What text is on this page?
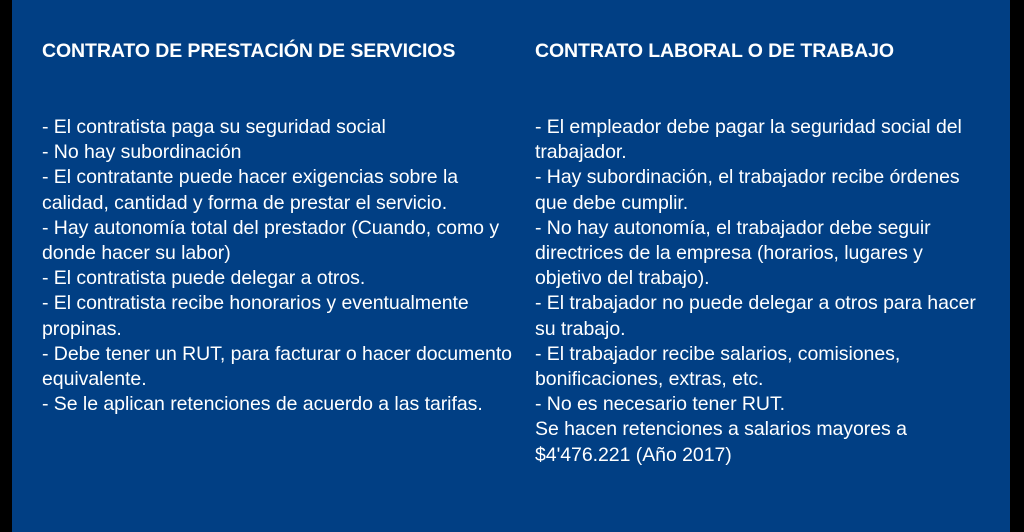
CONTRATO DE PRESTACIÓN DE SERVICIOS
- El contratista paga su seguridad social
- No hay subordinación
- El contratante puede hacer exigencias sobre la calidad, cantidad y forma de prestar el servicio.
- Hay autonomía total del prestador (Cuando, como y donde hacer su labor)
- El contratista puede delegar a otros.
- El contratista recibe honorarios y eventualmente propinas.
- Debe tener un RUT, para facturar o hacer documento equivalente.
- Se le aplican retenciones de acuerdo a las tarifas.
CONTRATO LABORAL O DE TRABAJO
- El empleador debe pagar la seguridad social del trabajador.
- Hay subordinación, el trabajador recibe órdenes que debe cumplir.
- No hay autonomía, el trabajador debe seguir directrices de la empresa (horarios, lugares y objetivo del trabajo).
- El trabajador no puede delegar a otros para hacer su trabajo.
- El trabajador recibe salarios, comisiones, bonificaciones, extras, etc.
- No es necesario tener RUT.
Se hacen retenciones a salarios mayores a $4'476.221 (Año 2017)
